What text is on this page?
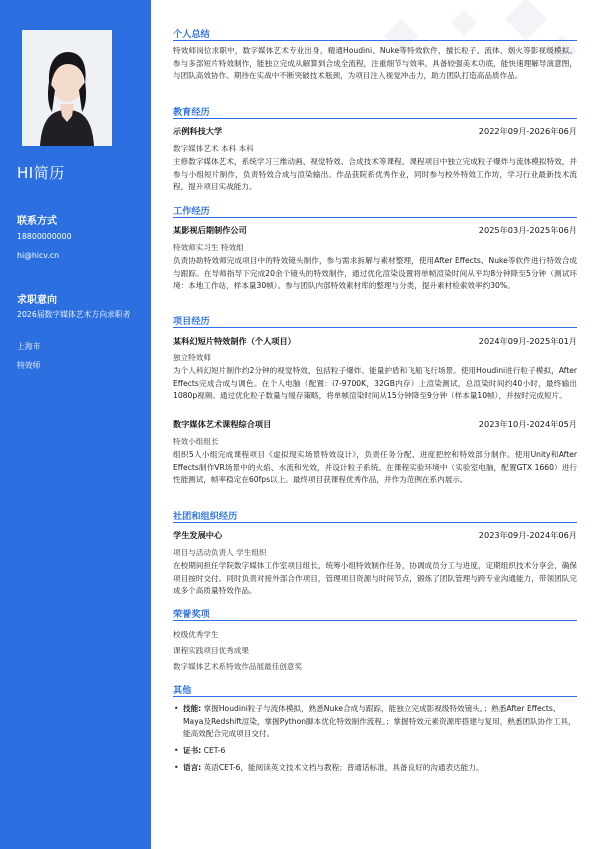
HI简历
联系方式
18800000000
hi@hicv.cn
求职意向
2026届数字媒体艺术方向求职者
上海市
特效师
个人总结
特效师岗位求职中，数字媒体艺术专业出身，精通Houdini、Nuke等特效软件，擅长粒子、流体、烟火等影视级模拟。参与多部短片特效制作，能独立完成从解算到合成全流程，注重细节与效率。具备较强美术功底，能快速理解导演意图，与团队高效协作。期待在实战中不断突破技术瓶颈，为项目注入视觉冲击力，助力团队打造高品质作品。
教育经历
示例科技大学	2022年09月-2026年06月
数字媒体艺术 本科 本科
主修数字媒体艺术，系统学习三维动画、视觉特效、合成技术等课程。课程项目中独立完成粒子爆炸与流体模拟特效，并参与小组短片制作，负责特效合成与渲染输出。作品获院系优秀作业，同时参与校外特效工作坊，学习行业最新技术流程，提升项目实战能力。
工作经历
某影视后期制作公司	2025年03月-2025年06月
特效师实习生 特效组
负责协助特效师完成项目中的特效镜头制作，参与需求拆解与素材整理，使用After Effects、Nuke等软件进行特效合成与跟踪。在导师指导下完成20余个镜头的特效制作，通过优化渲染设置将单帧渲染时间从平均8分钟降至5分钟（测试环境：本地工作站，样本量30帧）。参与团队内部特效素材库的整理与分类，提升素材检索效率约30%。
项目经历
某科幻短片特效制作（个人项目）	2024年09月-2025年01月
独立特效师
为个人科幻短片制作约2分钟的视觉特效，包括粒子爆炸、能量护盾和飞船飞行场景。使用Houdini进行粒子模拟，After Effects完成合成与调色。在个人电脑（配置：i7-9700K，32GB内存）上渲染测试，总渲染时间约40小时，最终输出1080p视频。通过优化粒子数量与缓存策略，将单帧渲染时间从15分钟降至9分钟（样本量10帧），并按时完成短片。
数字媒体艺术课程综合项目	2023年10月-2024年05月
特效小组组长
组织5人小组完成课程项目《虚拟现实场景特效设计》，负责任务分配、进度把控和特效部分制作。使用Unity和After Effects制作VR场景中的火焰、水流和光效，并设计粒子系统。在课程实验环境中（实验室电脑，配置GTX 1660）进行性能测试，帧率稳定在60fps以上。最终项目获课程优秀作品，并作为范例在系内展示。
社团和组织经历
学生发展中心	2023年09月-2024年06月
项目与活动负责人 学生组织
在校期间担任学院数字媒体工作室项目组长，统筹小组特效制作任务，协调成员分工与进度，定期组织技术分享会，确保项目按时交付。同时负责对接外部合作项目，管理项目资源与时间节点，锻炼了团队管理与跨专业沟通能力，带领团队完成多个高质量特效作品。
荣誉奖项
校级优秀学生
课程实践项目优秀成果
数字媒体艺术系特效作品展最佳创意奖
其他
• 技能: 掌握Houdini粒子与流体模拟，熟悉Nuke合成与跟踪，能独立完成影视级特效镜头。；熟悉After Effects、Maya及Redshift渲染，掌握Python脚本优化特效制作流程。；掌握特效元素资源库搭建与复用，熟悉团队协作工具，能高效配合完成项目交付。
• 证书: CET-6
• 语言: 英语CET-6，能阅读英文技术文档与教程；普通话标准，具备良好的沟通表达能力。
